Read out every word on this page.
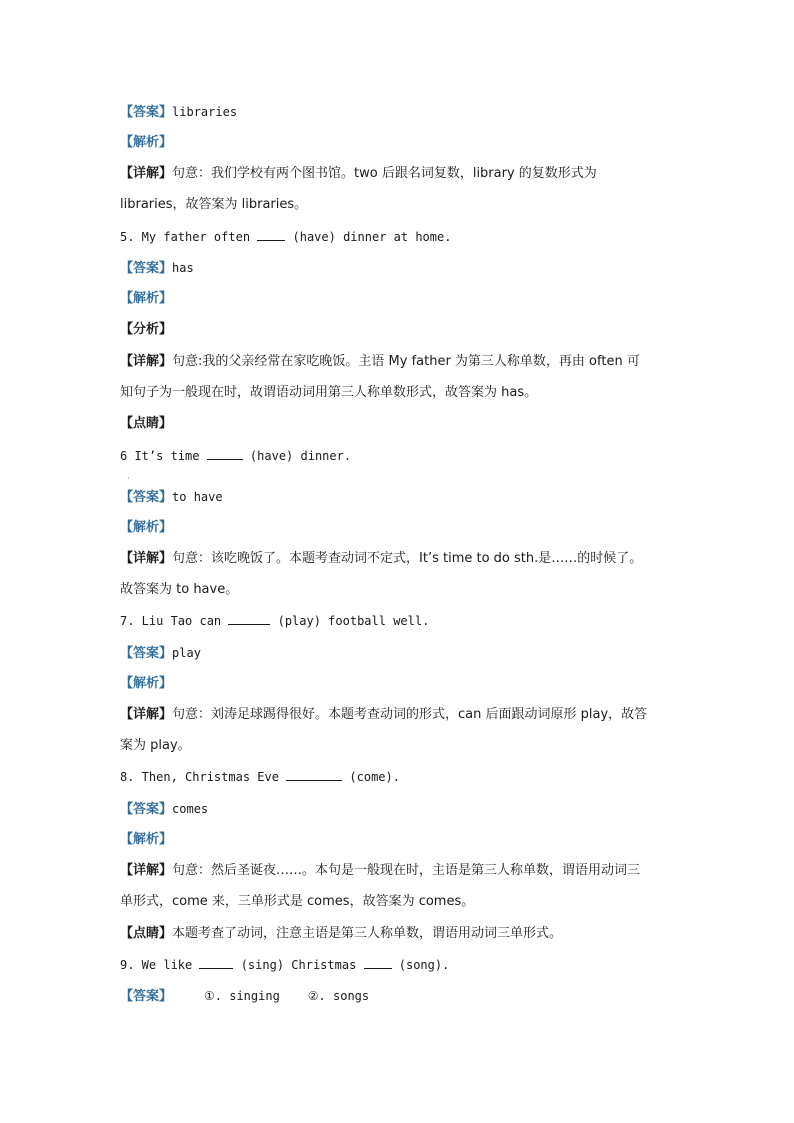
【答案】libraries
【解析】
【详解】句意：我们学校有两个图书馆。two 后跟名词复数，library 的复数形式为
libraries，故答案为 libraries。
5. My father often  (have) dinner at home.
【答案】has
【解析】
【分析】
【详解】句意:我的父亲经常在家吃晚饭。主语 My father 为第三人称单数，再由 often 可
知句子为一般现在时，故谓语动词用第三人称单数形式，故答案为 has。
【点睛】
6 It’s time	(have) dinner.
·
【答案】to have
【解析】
【详解】句意：该吃晚饭了。本题考查动词不定式，It’s time to do sth.是……的时候了。
故答案为 to have。
7. Liu Tao can	(play) football well.
【答案】play
【解析】
【详解】句意：刘涛足球踢得很好。本题考查动词的形式，can 后面跟动词原形 play，故答
案为 play。
8. Then, Christmas Eve	(come).
【答案】comes
【解析】
【详解】句意：然后圣诞夜……。本句是一般现在时，主语是第三人称单数，谓语用动词三
单形式，come 来，三单形式是 comes，故答案为 comes。
【点睛】本题考查了动词，注意主语是第三人称单数，谓语用动词三单形式。
9. We like	(sing) Christmas  (song).
【答案】	①. singing ②. songs
